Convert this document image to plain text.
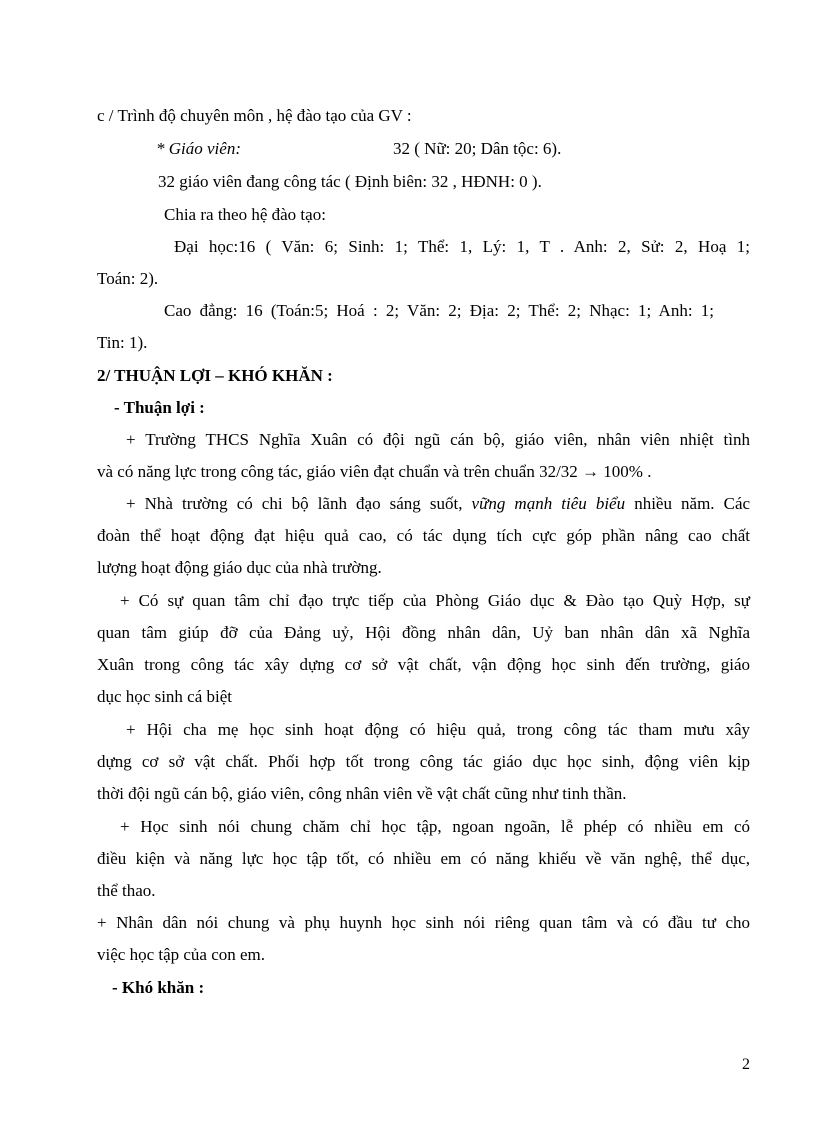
c / Trình độ chuyên môn , hệ đào tạo của GV :
* Giáo viên:	32 ( Nữ: 20; Dân tộc: 6).
32 giáo viên đang công tác ( Định biên: 32 , HĐNH: 0 ).
Chia ra theo hệ đào tạo:
Đại học:16 ( Văn: 6; Sinh: 1; Thể: 1, Lý: 1, T . Anh: 2, Sử: 2, Hoạ 1;
Toán: 2).
Cao đẳng: 16 (Toán:5; Hoá : 2; Văn: 2; Địa: 2; Thể: 2; Nhạc: 1; Anh: 1;
Tin: 1).
2/ THUẬN LỢI – KHÓ KHĂN :
- Thuận lợi :
+ Trường THCS Nghĩa Xuân có đội ngũ cán bộ, giáo viên, nhân viên nhiệt tình
và có năng lực trong công tác, giáo viên đạt chuẩn và trên chuẩn 32/32 → 100% .
+ Nhà trường có chi bộ lãnh đạo sáng suốt, vững mạnh tiêu biểu nhiều năm. Các
đoàn thể hoạt động đạt hiệu quả cao, có tác dụng tích cực góp phần nâng cao chất
lượng hoạt động giáo dục của nhà trường.
+ Có sự quan tâm chỉ đạo trực tiếp của Phòng Giáo dục & Đào tạo Quỳ Hợp, sự
quan tâm giúp đỡ của Đảng uỷ, Hội đồng nhân dân, Uỷ ban nhân dân xã Nghĩa
Xuân trong công tác xây dựng cơ sở vật chất, vận động học sinh đến trường, giáo
dục học sinh cá biệt
+ Hội cha mẹ học sinh hoạt động có hiệu quả, trong công tác tham mưu xây
dựng cơ sở vật chất. Phối hợp tốt trong công tác giáo dục học sinh, động viên kịp
thời đội ngũ cán bộ, giáo viên, công nhân viên về vật chất cũng như tinh thần.
+ Học sinh nói chung chăm chỉ học tập, ngoan ngoãn, lễ phép có nhiều em có
điều kiện và năng lực học tập tốt, có nhiều em có năng khiếu về văn nghệ, thể dục,
thể thao.
+ Nhân dân nói chung và phụ huynh học sinh nói riêng quan tâm và có đầu tư cho
việc học tập của con em.
- Khó khăn :
2
